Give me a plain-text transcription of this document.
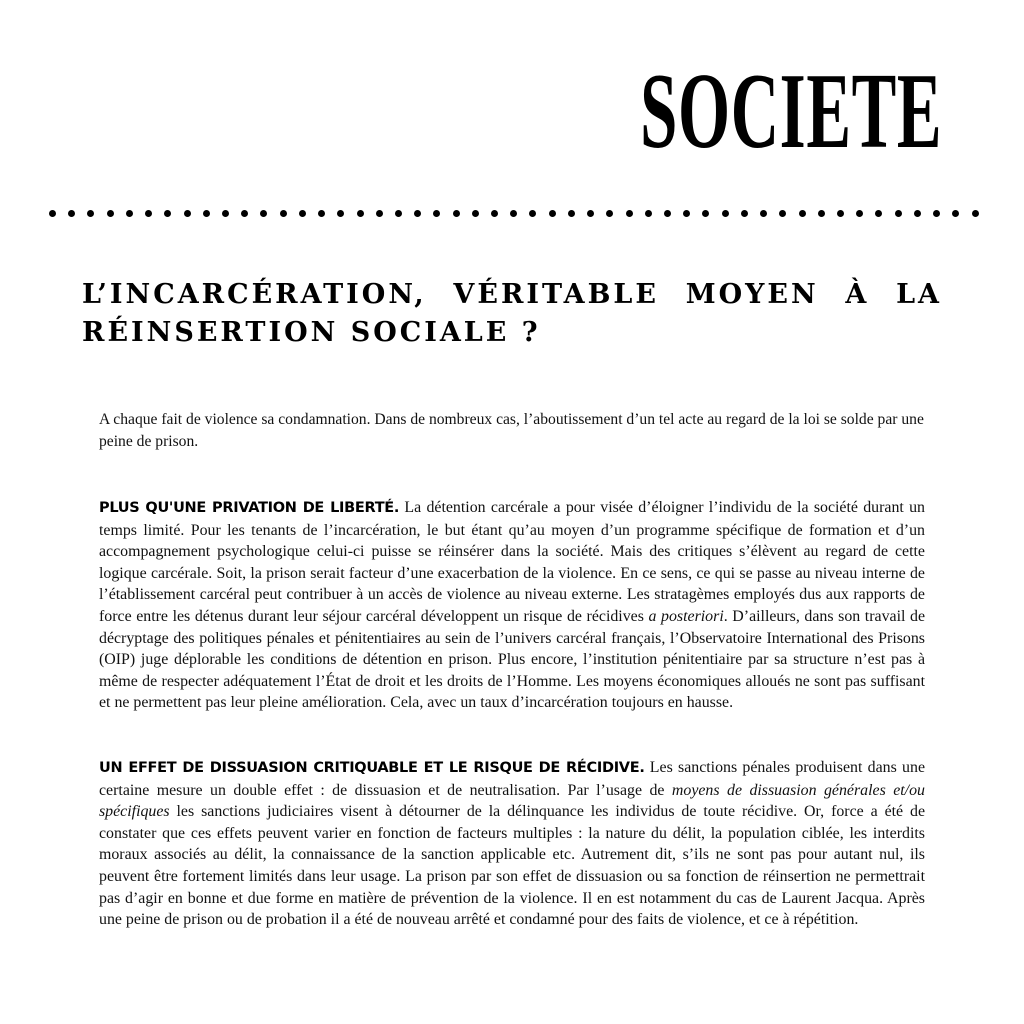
SOCIETE
L’INCARCÉRATION, VÉRITABLE MOYEN À LA RÉINSERTION SOCIALE ?

A chaque fait de violence sa condamnation. Dans de nombreux cas, l’aboutissement d’un tel acte au regard de la loi se solde par une peine de prison.

PLUS QU'UNE PRIVATION DE LIBERTÉ. La détention carcérale a pour visée d’éloigner l’individu de la société durant un temps limité. Pour les tenants de l’incarcération, le but étant qu’au moyen d’un programme spécifique de formation et d’un accompagnement psychologique celui-ci puisse se réinsérer dans la société. Mais des critiques s’élèvent au regard de cette logique carcérale. Soit, la prison serait facteur d’une exacerbation de la violence. En ce sens, ce qui se passe au niveau interne de l’établissement carcéral peut contribuer à un accès de violence au niveau externe. Les stratagèmes employés dus aux rapports de force entre les détenus durant leur séjour carcéral développent un risque de récidives a posteriori. D’ailleurs, dans son travail de décryptage des politiques pénales et pénitentiaires au sein de l’univers carcéral français, l’Observatoire International des Prisons (OIP) juge déplorable les conditions de détention en prison. Plus encore, l’institution pénitentiaire par sa structure n’est pas à même de respecter adéquatement l’État de droit et les droits de l’Homme. Les moyens économiques alloués ne sont pas suffisant et ne permettent pas leur pleine amélioration. Cela, avec un taux d’incarcération toujours en hausse.

UN EFFET DE DISSUASION CRITIQUABLE ET LE RISQUE DE RÉCIDIVE. Les sanctions pénales produisent dans une certaine mesure un double effet : de dissuasion et de neutralisation. Par l’usage de moyens de dissuasion générales et/ou spécifiques les sanctions judiciaires visent à détourner de la délinquance les individus de toute récidive. Or, force a été de constater que ces effets peuvent varier en fonction de facteurs multiples : la nature du délit, la population ciblée, les interdits moraux associés au délit, la connaissance de la sanction applicable etc. Autrement dit, s’ils ne sont pas pour autant nul, ils peuvent être fortement limités dans leur usage. La prison par son effet de dissuasion ou sa fonction de réinsertion ne permettrait pas d’agir en bonne et due forme en matière de prévention de la violence. Il en est notamment du cas de Laurent Jacqua. Après une peine de prison ou de probation il a été de nouveau arrêté et condamné pour des faits de violence, et ce à répétition.
